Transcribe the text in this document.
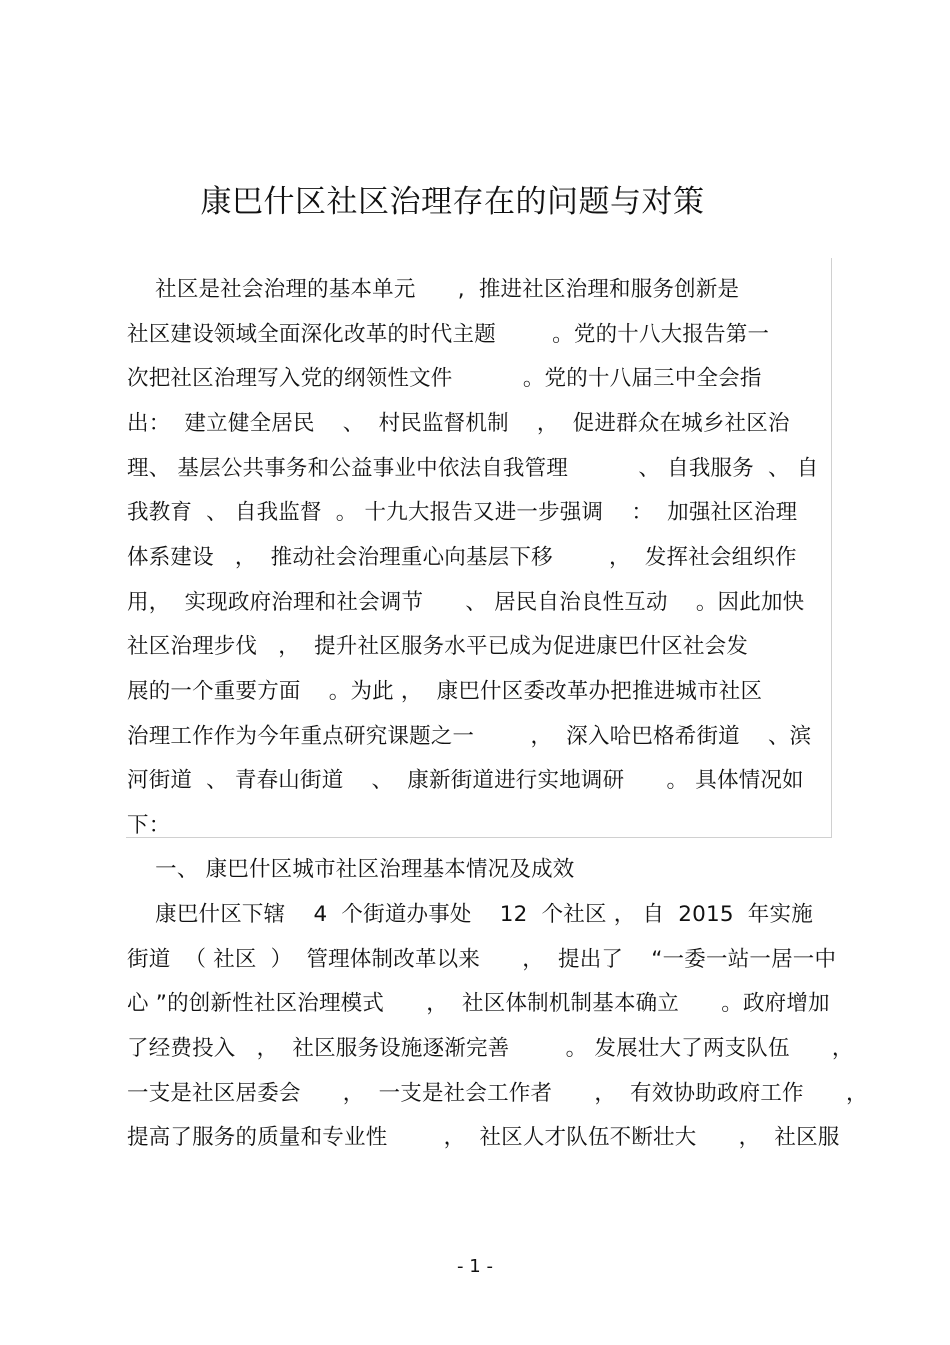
康巴什区社区治理存在的问题与对策
社区是社会治理的基本单元      ,  推进社区治理和服务创新是
社区建设领域全面深化改革的时代主题        。党的十八大报告第一
次把社区治理写入党的纲领性文件          。党的十八届三中全会指
出：  建立健全居民    、  村民监督机制    ，  促进群众在城乡社区治
理、 基层公共事务和公益事业中依法自我管理          、 自我服务  、 自
我教育  、 自我监督  。 十九大报告又进一步强调    ：  加强社区治理
体系建设   ，  推动社会治理重心向基层下移        ，  发挥社会组织作
用，  实现政府治理和社会调节      、 居民自治良性互动    。因此加快
社区治理步伐   ，  提升社区服务水平已成为促进康巴什区社会发
展的一个重要方面    。为此 ，  康巴什区委改革办把推进城市社区
治理工作作为今年重点研究课题之一        ，  深入哈巴格希街道    、滨
河街道  、 青春山街道    、  康新街道进行实地调研      。 具体情况如
下：
一、 康巴什区城市社区治理基本情况及成效
康巴什区下辖    4  个街道办事处    12  个社区 ， 自  2015  年实施
街道  （ 社区  ）  管理体制改革以来      ，  提出了    “一委一站一居一中
心 ”的创新性社区治理模式      ，  社区体制机制基本确立      。政府增加
了经费投入   ，  社区服务设施逐渐完善        。 发展壮大了两支队伍      ，
一支是社区居委会      ，  一支是社会工作者      ，  有效协助政府工作      ，
提高了服务的质量和专业性        ，  社区人才队伍不断壮大      ，  社区服
- 1 -
